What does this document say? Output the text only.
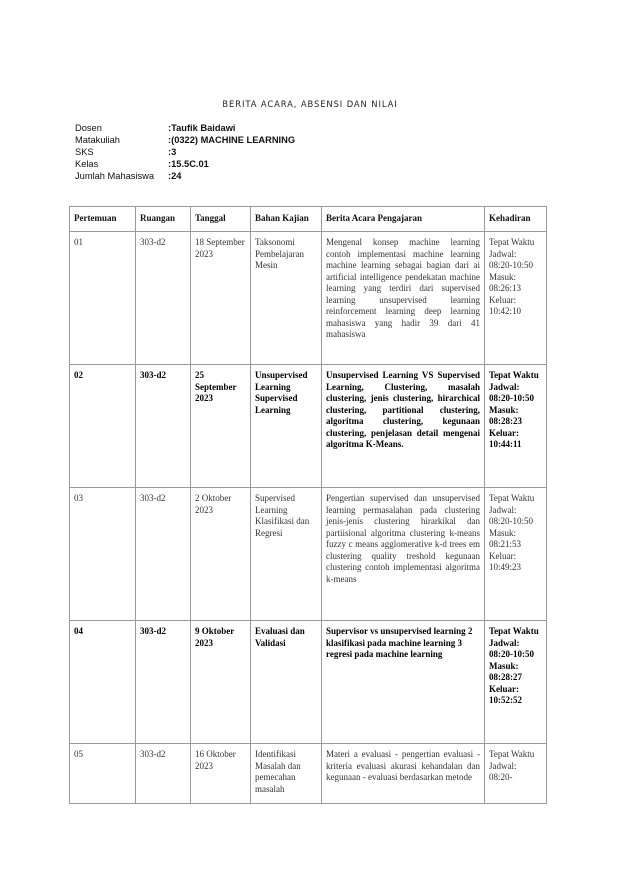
BERITA ACARA, ABSENSI DAN NILAI
Dosen	: Taufik Baidawi
Matakuliah	: (0322) MACHINE LEARNING
SKS	: 3
Kelas	: 15.5C.01
Jumlah Mahasiswa	: 24
Pertemuan	Ruangan	Tanggal	Bahan Kajian	Berita Acara Pengajaran	Kehadiran
01	303-d2	18 September 2023	Taksonomi Pembelajaran Mesin	Mengenal konsep machine learning contoh implementasi machine learning machine learning sebagai bagian dari ai artificial intelligence pendekatan machine learning yang terdiri dari supervised learning unsupervised learning reinforcement learning deep learning mahasiswa yang hadir 39 dari 41 mahasiswa	Tepat Waktu Jadwal: 08:20-10:50 Masuk: 08:26:13 Keluar: 10:42:10
02	303-d2	25 September 2023	Unsupervised Learning Supervised Learning	Unsupervised Learning VS Supervised Learning, Clustering, masalah clustering, jenis clustering, hirarchical clustering, partitional clustering, algoritma clustering, kegunaan clustering, penjelasan detail mengenai algoritma K-Means.	Tepat Waktu Jadwal: 08:20-10:50 Masuk: 08:28:23 Keluar: 10:44:11
03	303-d2	2 Oktober 2023	Supervised Learning Klasifikasi dan Regresi	Pengertian supervised dan unsupervised learning permasalahan pada clustering jenis-jenis clustering hirarkikal dan partiisional algoritma clustering k-means fuzzy c means agglomerative k-d trees em clustering quality treshold kegunaan clustering contoh implementasi algoritma k-means	Tepat Waktu Jadwal: 08:20-10:50 Masuk: 08:21:53 Keluar: 10:49:23
04	303-d2	9 Oktober 2023	Evaluasi dan Validasi	Supervisor vs unsupervised learning 2 klasifikasi pada machine learning 3 regresi pada machine learning	Tepat Waktu Jadwal: 08:20-10:50 Masuk: 08:28:27 Keluar: 10:52:52
05	303-d2	16 Oktober 2023	Identifikasi Masalah dan pemecahan masalah	Materi a evaluasi - pengertian evaluasi - kriteria evaluasi akurasi kehandalan dan kegunaan - evaluasi berdasarkan metode	Tepat Waktu Jadwal: 08:20-
